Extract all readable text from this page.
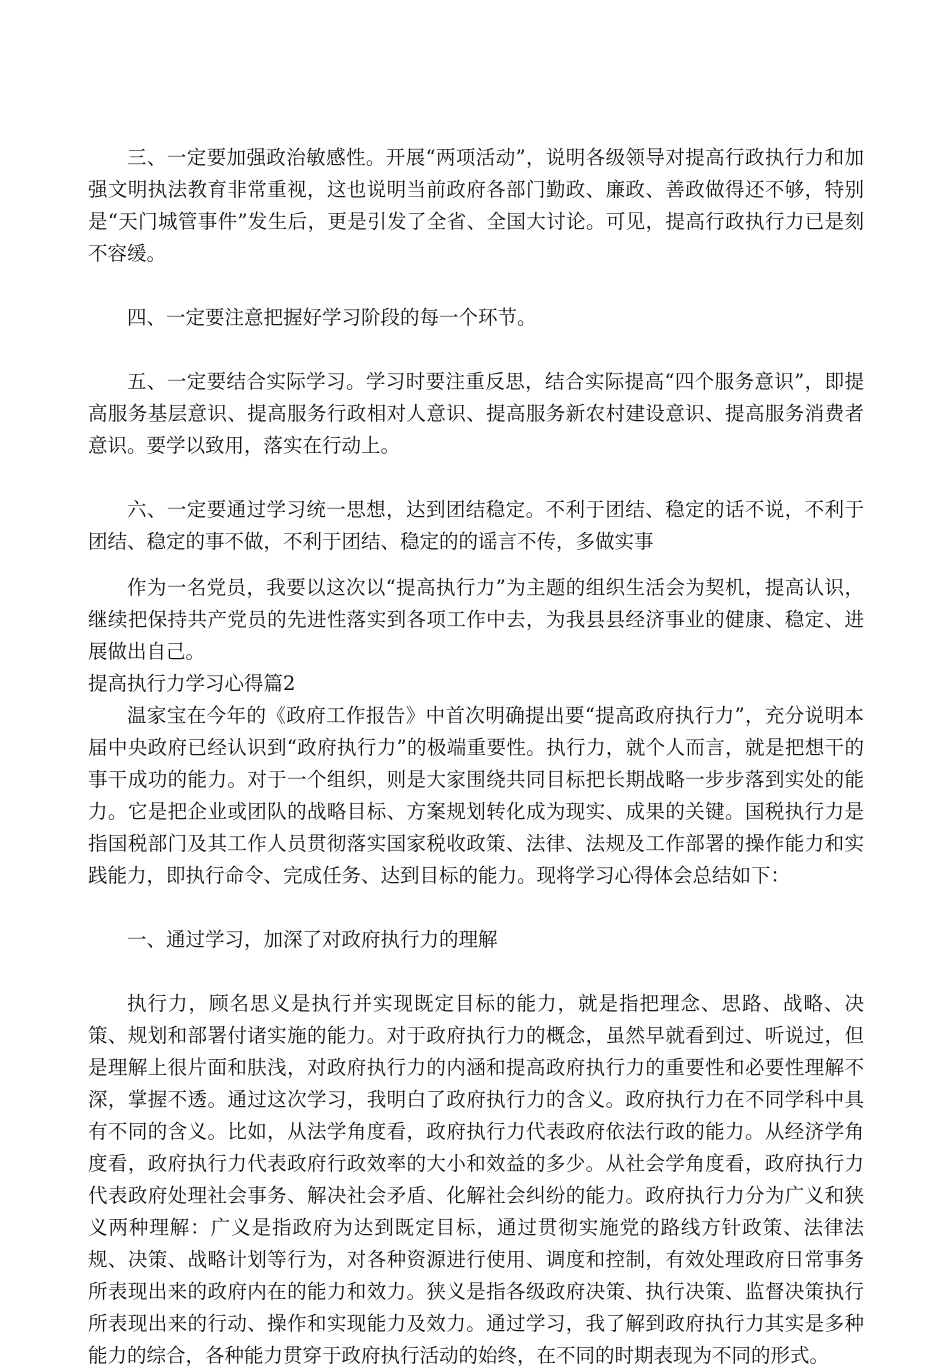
三、一定要加强政治敏感性。开展“两项活动”，说明各级领导对提高行政执行力和加强文明执法教育非常重视，这也说明当前政府各部门勤政、廉政、善政做得还不够，特别是“天门城管事件”发生后，更是引发了全省、全国大讨论。可见，提高行政执行力已是刻不容缓。

四、一定要注意把握好学习阶段的每一个环节。

五、一定要结合实际学习。学习时要注重反思，结合实际提高“四个服务意识”，即提高服务基层意识、提高服务行政相对人意识、提高服务新农村建设意识、提高服务消费者意识。要学以致用，落实在行动上。

六、一定要通过学习统一思想，达到团结稳定。不利于团结、稳定的话不说，不利于团结、稳定的事不做，不利于团结、稳定的的谣言不传，多做实事

作为一名党员，我要以这次以“提高执行力”为主题的组织生活会为契机，提高认识，继续把保持共产党员的先进性落实到各项工作中去，为我县县经济事业的健康、稳定、进展做出自己。

提高执行力学习心得篇2

温家宝在今年的《政府工作报告》中首次明确提出要“提高政府执行力”，充分说明本届中央政府已经认识到“政府执行力”的极端重要性。执行力，就个人而言，就是把想干的事干成功的能力。对于一个组织，则是大家围绕共同目标把长期战略一步步落到实处的能力。它是把企业或团队的战略目标、方案规划转化成为现实、成果的关键。国税执行力是指国税部门及其工作人员贯彻落实国家税收政策、法律、法规及工作部署的操作能力和实践能力，即执行命令、完成任务、达到目标的能力。现将学习心得体会总结如下：

一、通过学习，加深了对政府执行力的理解

执行力，顾名思义是执行并实现既定目标的能力，就是指把理念、思路、战略、决策、规划和部署付诸实施的能力。对于政府执行力的概念，虽然早就看到过、听说过，但是理解上很片面和肤浅，对政府执行力的内涵和提高政府执行力的重要性和必要性理解不深，掌握不透。通过这次学习，我明白了政府执行力的含义。政府执行力在不同学科中具有不同的含义。比如，从法学角度看，政府执行力代表政府依法行政的能力。从经济学角度看，政府执行力代表政府行政效率的大小和效益的多少。从社会学角度看，政府执行力代表政府处理社会事务、解决社会矛盾、化解社会纠纷的能力。政府执行力分为广义和狭义两种理解：广义是指政府为达到既定目标，通过贯彻实施党的路线方针政策、法律法规、决策、战略计划等行为，对各种资源进行使用、调度和控制，有效处理政府日常事务所表现出来的政府内在的能力和效力。狭义是指各级政府决策、执行决策、监督决策执行所表现出来的行动、操作和实现能力及效力。通过学习，我了解到政府执行力其实是多种能力的综合，各种能力贯穿于政府执行活动的始终，在不同的时期表现为不同的形式。
